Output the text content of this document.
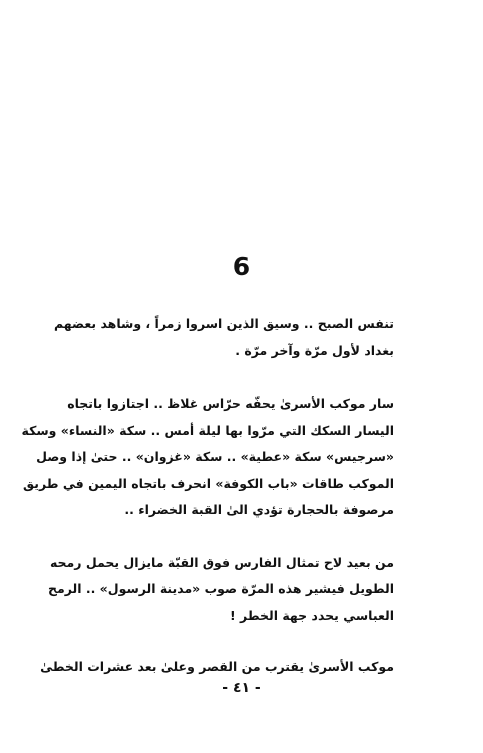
6
تنفس الصبح .. وسيق الذين اسروا زمراً ، وشاهد بعضهم
بغداد لأول مرّة وآخر مرّة .
سار موكب الأسرىٰ يحفّه حرّاس غلاظ .. اجتازوا باتجاه
اليسار السكك التي مرّوا بها ليلة أمس .. سكة «النساء» وسكة
«سرجيس» سكة «عطية» .. سكة «غزوان» .. حتىٰ إذا وصل
الموكب طاقات «باب الكوفة» انحرف باتجاه اليمين في طريق
مرصوفة بالحجارة تؤدي الىٰ القبة الخضراء ..
من بعيد لاح تمثال الفارس فوق القبّة مايزال يحمل رمحه
الطويل فيشير هذه المرّة صوب «مدينة الرسول» .. الرمح
العباسي يحدد جهة الخطر !
موكب الأسرىٰ يقترب من القصر وعلىٰ بعد عشرات الخطىٰ
- ٤١ -
